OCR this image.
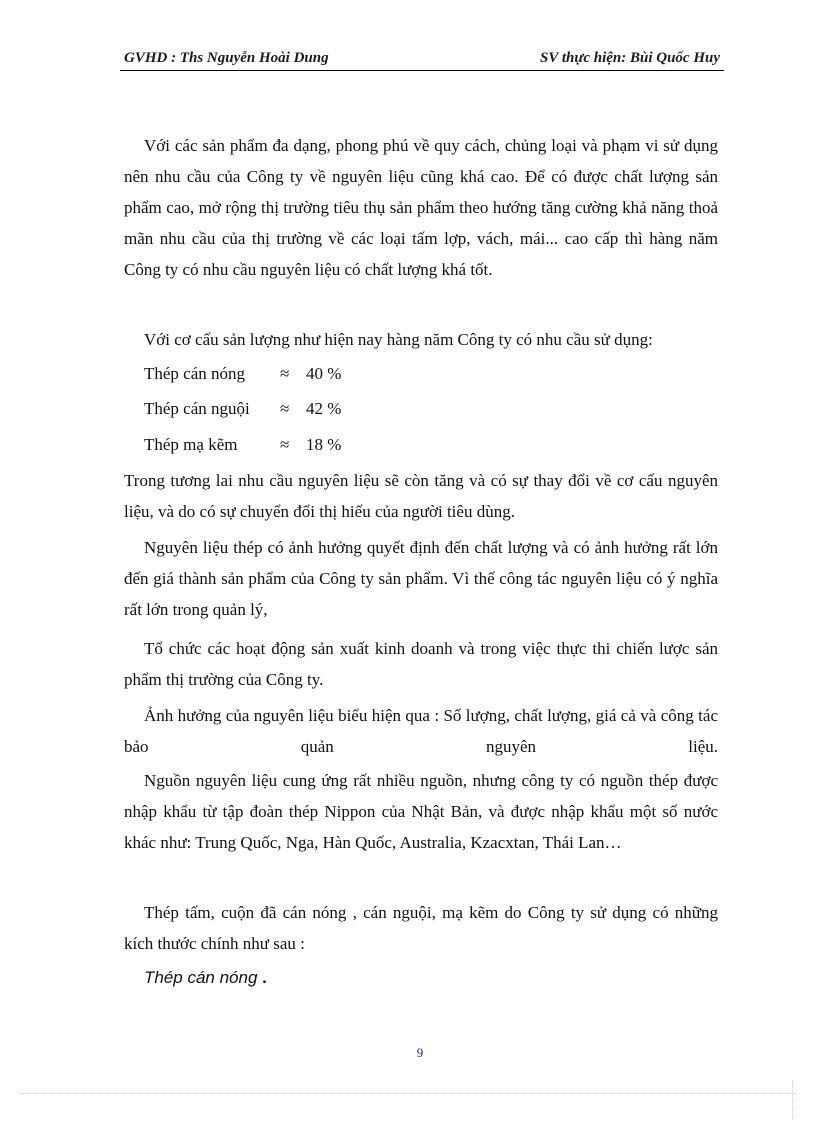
GVHD : Ths Nguyễn Hoài Dung	SV thực hiện: Bùi Quốc Huy

Với các sản phẩm đa dạng, phong phú về quy cách, chủng loại và phạm vi sử dụng nên nhu cầu của Công ty về nguyên liệu cũng khá cao. Để có được chất lượng sản phẩm cao, mở rộng thị trường tiêu thụ sản phẩm theo hướng tăng cường khả năng thoả mãn nhu cầu của thị trường về các loại tấm lợp, vách, mái... cao cấp thì hàng năm Công ty có nhu cầu nguyên liệu có chất lượng khá tốt.

Với cơ cấu sản lượng như hiện nay hàng năm Công ty có nhu cầu sử dụng:

Thép cán nóng ≈ 40 %
Thép cán nguội ≈ 42 %
Thép mạ kẽm	≈ 18 %

Trong tương lai nhu cầu nguyên liệu sẽ còn tăng và có sự thay đổi về cơ cấu nguyên liệu, và do có sự chuyển đổi thị hiếu của người tiêu dùng.

Nguyên liệu thép có ảnh hưởng quyết định đến chất lượng và có ảnh hưởng rất lớn đến giá thành sản phẩm của Công ty sản phẩm. Vì thế công tác nguyên liệu có ý nghĩa rất lớn trong quản lý,

Tổ chức các hoạt động sản xuất kinh doanh và trong việc thực thi chiến lược sản phẩm thị trường của Công ty.

Ảnh hưởng của nguyên liệu biểu hiện qua : Số lượng, chất lượng, giá cả và công tác bảo quản nguyên liệu.

Nguồn nguyên liệu cung ứng rất nhiều nguồn, nhưng công ty có nguồn thép được nhập khẩu từ tập đoàn thép Nippon của Nhật Bản, và được nhập khẩu một số nước khác như: Trung Quốc, Nga, Hàn Quốc, Australia, Kzacxtan, Thái Lan…

Thép tấm, cuộn đã cán nóng , cán nguội, mạ kẽm do Công ty sử dụng có những kích thước chính như sau :

Thép cán nóng .
9
